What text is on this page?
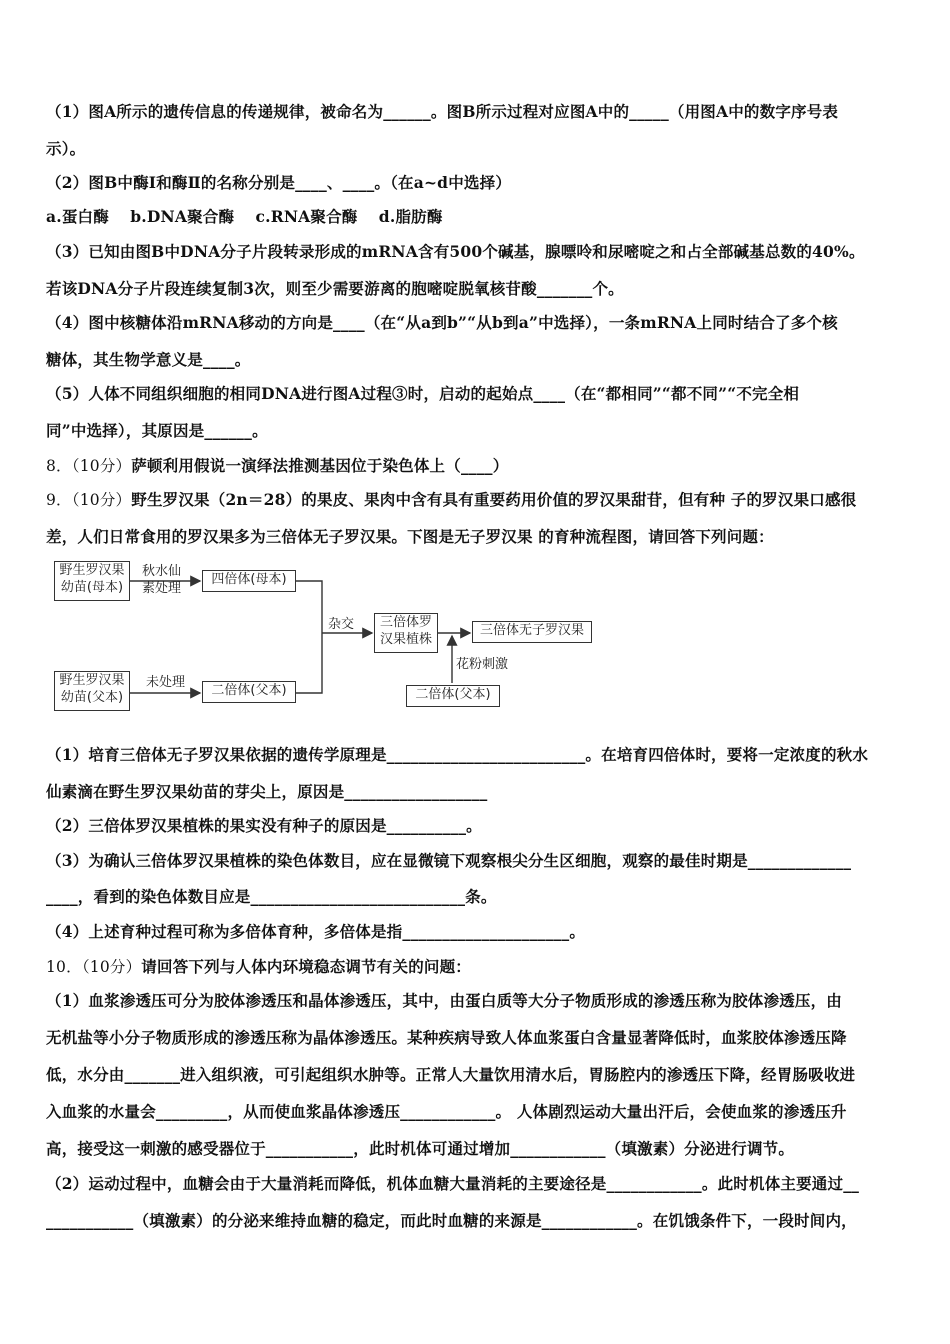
（1）图A所示的遗传信息的传递规律，被命名为______。图B所示过程对应图A中的_____（用图A中的数字序号表
示）。
（2）图B中酶Ⅰ和酶Ⅱ的名称分别是____、____。（在a~d中选择）
a.蛋白酶　 b.DNA聚合酶　 c.RNA聚合酶　 d.脂肪酶
（3）已知由图B中DNA分子片段转录形成的mRNA含有500个碱基，腺嘌呤和尿嘧啶之和占全部碱基总数的40%。
若该DNA分子片段连续复制3次，则至少需要游离的胞嘧啶脱氧核苷酸_______个。
（4）图中核糖体沿mRNA移动的方向是____（在“从a到b”“从b到a”中选择），一条mRNA上同时结合了多个核
糖体，其生物学意义是____。
（5）人体不同组织细胞的相同DNA进行图A过程③时，启动的起始点____（在“都相同”“都不同”“不完全相
同”中选择），其原因是______。
8．（10分）萨顿利用假说一演绎法推测基因位于染色体上（____）
9．（10分）野生罗汉果（2n＝28）的果皮、果肉中含有具有重要药用价值的罗汉果甜苷，但有种 子的罗汉果口感很
差，人们日常食用的罗汉果多为三倍体无子罗汉果。下图是无子罗汉果 的育种流程图，请回答下列问题：
野生罗汉果
幼苗(母本)
野生罗汉果
幼苗(父本)
四倍体(母本)
二倍体(父本)
三倍体罗
汉果植株
三倍体无子罗汉果
二倍体(父本)
秋水仙
素处理
未处理
杂交
花粉刺激
（1）培育三倍体无子罗汉果依据的遗传学原理是_________________________。在培育四倍体时，要将一定浓度的秋水
仙素滴在野生罗汉果幼苗的芽尖上，原因是__________________
（2）三倍体罗汉果植株的果实没有种子的原因是__________。
（3）为确认三倍体罗汉果植株的染色体数目，应在显微镜下观察根尖分生区细胞，观察的最佳时期是_____________
____，看到的染色体数目应是___________________________条。
（4）上述育种过程可称为多倍体育种，多倍体是指_____________________。
10．（10分）请回答下列与人体内环境稳态调节有关的问题：
（1）血浆渗透压可分为胶体渗透压和晶体渗透压，其中，由蛋白质等大分子物质形成的渗透压称为胶体渗透压，由
无机盐等小分子物质形成的渗透压称为晶体渗透压。某种疾病导致人体血浆蛋白含量显著降低时，血浆胶体渗透压降
低，水分由_______进入组织液，可引起组织水肿等。正常人大量饮用清水后，胃肠腔内的渗透压下降，经胃肠吸收进
入血浆的水量会_________，从而使血浆晶体渗透压____________。 人体剧烈运动大量出汗后，会使血浆的渗透压升
高，接受这一刺激的感受器位于___________，此时机体可通过增加____________（填激素）分泌进行调节。
（2）运动过程中，血糖会由于大量消耗而降低，机体血糖大量消耗的主要途径是____________。此时机体主要通过__
___________（填激素）的分泌来维持血糖的稳定，而此时血糖的来源是____________。在饥饿条件下，一段时间内，
